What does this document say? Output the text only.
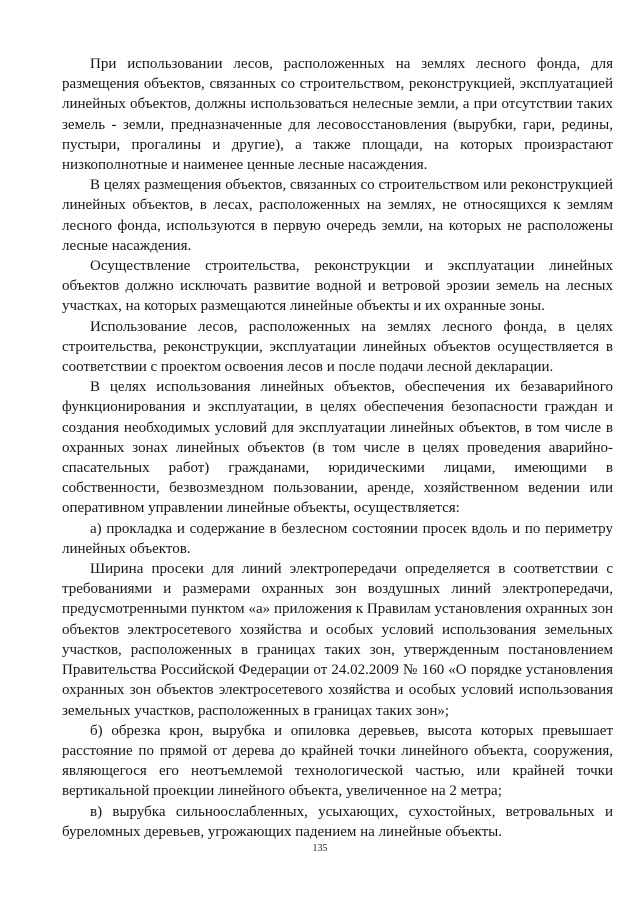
При использовании лесов, расположенных на землях лесного фонда, для размещения объектов, связанных со строительством, реконструкцией, эксплуатацией линейных объектов, должны использоваться нелесные земли, а при отсутствии таких земель - земли, предназначенные для лесовосстановления (вырубки, гари, редины, пустыри, прогалины и другие), а также площади, на которых произрастают низкополнотные и наименее ценные лесные насаждения.

В целях размещения объектов, связанных со строительством или реконструкцией линейных объектов, в лесах, расположенных на землях, не относящихся к землям лесного фонда, используются в первую очередь земли, на которых не расположены лесные насаждения.

Осуществление строительства, реконструкции и эксплуатации линейных объектов должно исключать развитие водной и ветровой эрозии земель на лесных участках, на которых размещаются линейные объекты и их охранные зоны.

Использование лесов, расположенных на землях лесного фонда, в целях строительства, реконструкции, эксплуатации линейных объектов осуществляется в соответствии с проектом освоения лесов и после подачи лесной декларации.

В целях использования линейных объектов, обеспечения их безаварийного функционирования и эксплуатации, в целях обеспечения безопасности граждан и создания необходимых условий для эксплуатации линейных объектов, в том числе в охранных зонах линейных объектов (в том числе в целях проведения аварийно-спасательных работ) гражданами, юридическими лицами, имеющими в собственности, безвозмездном пользовании, аренде, хозяйственном ведении или оперативном управлении линейные объекты, осуществляется:

а) прокладка и содержание в безлесном состоянии просек вдоль и по периметру линейных объектов.

Ширина просеки для линий электропередачи определяется в соответствии с требованиями и размерами охранных зон воздушных линий электропередачи, предусмотренными пунктом «а» приложения к Правилам установления охранных зон объектов электросетевого хозяйства и особых условий использования земельных участков, расположенных в границах таких зон, утвержденным постановлением Правительства Российской Федерации от 24.02.2009 № 160 «О порядке установления охранных зон объектов электросетевого хозяйства и особых условий использования земельных участков, расположенных в границах таких зон»;

б) обрезка крон, вырубка и опиловка деревьев, высота которых превышает расстояние по прямой от дерева до крайней точки линейного объекта, сооружения, являющегося его неотъемлемой технологической частью, или крайней точки вертикальной проекции линейного объекта, увеличенное на 2 метра;

в) вырубка сильноослабленных, усыхающих, сухостойных, ветровальных и буреломных деревьев, угрожающих падением на линейные объекты.

135
